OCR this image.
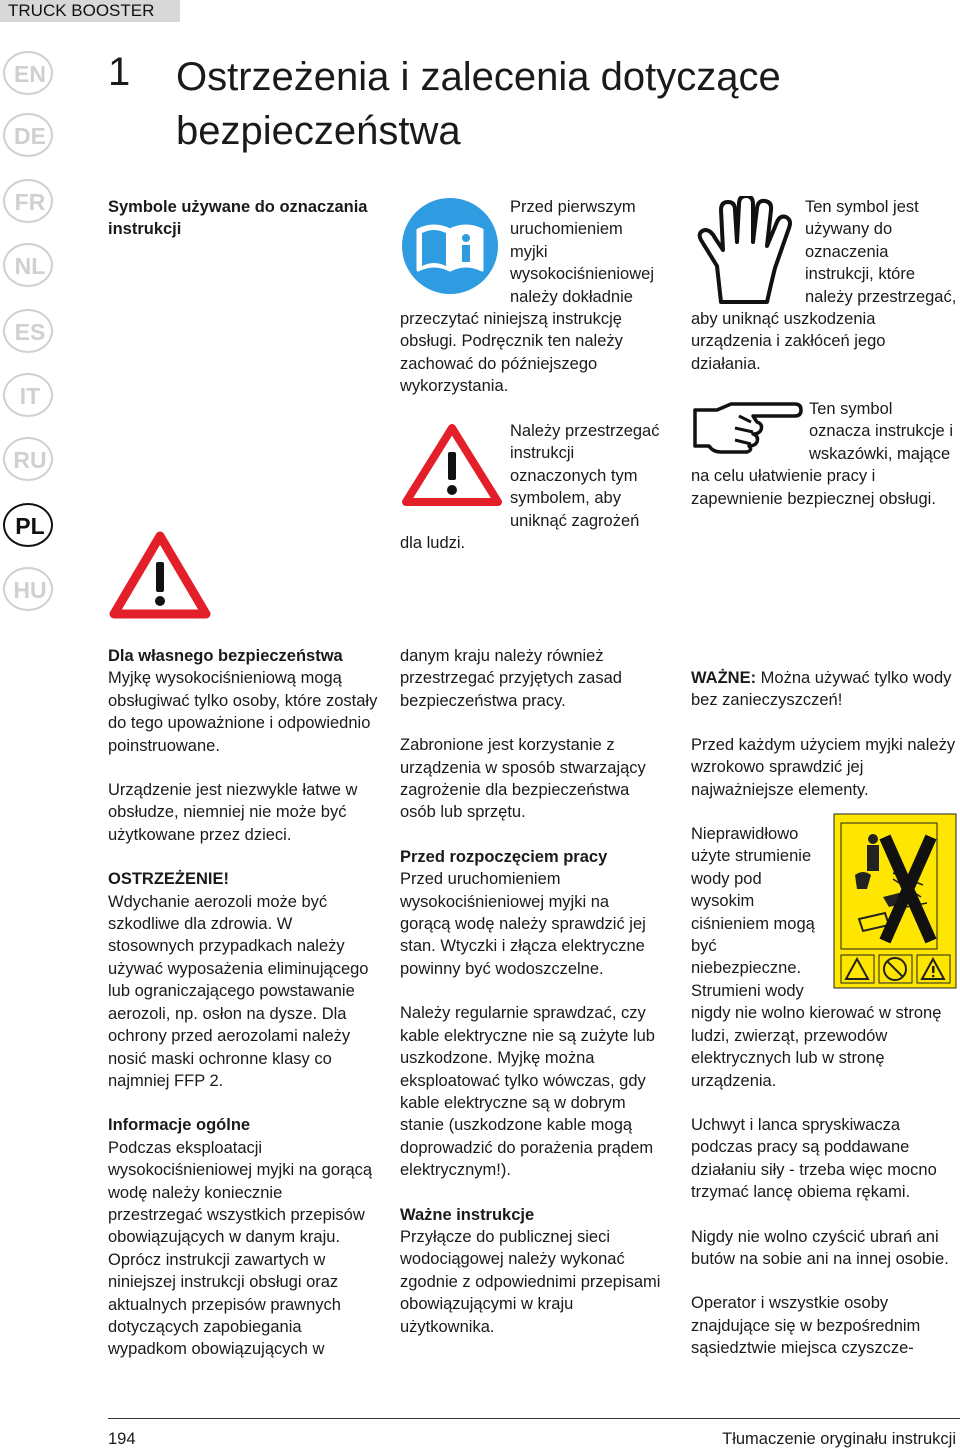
TRUCK BOOSTER
EN
DE
FR
NL
ES
IT
RU
PL
HU
1 Ostrzeżenia i zalecenia dotyczące bezpieczeństwa
Symbole używane do oznaczania instrukcji
Przed pierwszym uruchomieniem myjki wysokociśnieniowej należy dokładnie przeczytać niniejszą instrukcję obsługi. Podręcznik ten należy zachować do późniejszego wykorzystania.
Należy przestrzegać instrukcji oznaczonych tym symbolem, aby uniknąć zagrożeń dla ludzi.
Ten symbol jest używany do oznaczenia instrukcji, które należy przestrzegać, aby uniknąć uszkodzenia urządzenia i zakłóceń jego działania.
Ten symbol oznacza instrukcje i wskazówki, mające na celu ułatwienie pracy i zapewnienie bezpiecznej obsługi.

Dla własnego bezpieczeństwa
Myjkę wysokociśnieniową mogą obsługiwać tylko osoby, które zostały do tego upoważnione i odpowiednio poinstruowane.

Urządzenie jest niezwykle łatwe w obsłudze, niemniej nie może być użytkowane przez dzieci.

OSTRZEŻENIE!
Wdychanie aerozoli może być szkodliwe dla zdrowia. W stosownych przypadkach należy używać wyposażenia eliminującego lub ograniczającego powstawanie aerozoli, np. osłon na dysze. Dla ochrony przed aerozolami należy nosić maski ochronne klasy co najmniej FFP 2.

Informacje ogólne
Podczas eksploatacji wysokociśnieniowej myjki na gorącą wodę należy koniecznie przestrzegać wszystkich przepisów obowiązujących w danym kraju. Oprócz instrukcji zawartych w niniejszej instrukcji obsługi oraz aktualnych przepisów prawnych dotyczących zapobiegania wypadkom obowiązujących w

danym kraju należy również przestrzegać przyjętych zasad bezpieczeństwa pracy.

Zabronione jest korzystanie z urządzenia w sposób stwarzający zagrożenie dla bezpieczeństwa osób lub sprzętu.

Przed rozpoczęciem pracy
Przed uruchomieniem wysokociśnieniowej myjki na gorącą wodę należy sprawdzić jej stan. Wtyczki i złącza elektryczne powinny być wodoszczelne.

Należy regularnie sprawdzać, czy kable elektryczne nie są zużyte lub uszkodzone. Myjkę można eksploatować tylko wówczas, gdy kable elektryczne są w dobrym stanie (uszkodzone kable mogą doprowadzić do porażenia prądem elektrycznym!).

Ważne instrukcje
Przyłącze do publicznej sieci wodociągowej należy wykonać zgodnie z odpowiednimi przepisami obowiązującymi w kraju użytkownika.

WAŻNE: Można używać tylko wody bez zanieczyszczeń!

Przed każdym użyciem myjki należy wzrokowo sprawdzić jej najważniejsze elementy.

Nieprawidłowo użyte strumienie wody pod wysokim ciśnieniem mogą być niebezpieczne. Strumieni wody nigdy nie wolno kierować w stronę ludzi, zwierząt, przewodów elektrycznych lub w stronę urządzenia.

Uchwyt i lanca spryskiwacza podczas pracy są poddawane działaniu siły - trzeba więc mocno trzymać lancę obiema rękami.

Nigdy nie wolno czyścić ubrań ani butów na sobie ani na innej osobie.

Operator i wszystkie osoby znajdujące się w bezpośrednim sąsiedztwie miejsca czyszcze-

194	Tłumaczenie oryginału instrukcji
